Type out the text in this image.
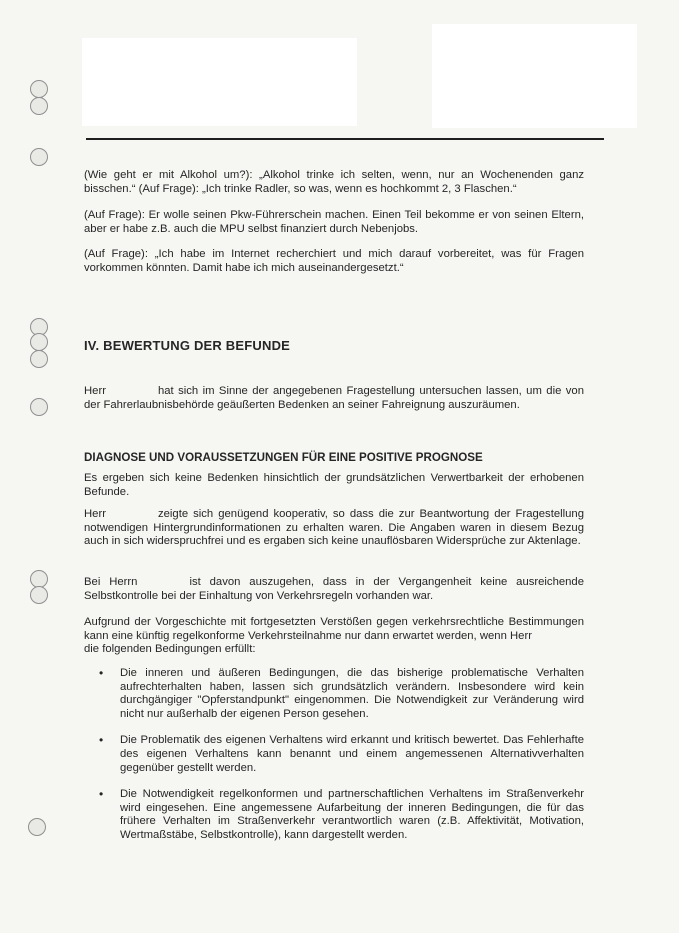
(Wie geht er mit Alkohol um?): „Alkohol trinke ich selten, wenn, nur an Wochenenden ganz bisschen.“ (Auf Frage): „Ich trinke Radler, so was, wenn es hochkommt 2, 3 Flaschen.“

(Auf Frage): Er wolle seinen Pkw-Führerschein machen. Einen Teil bekomme er von seinen Eltern, aber er habe z.B. auch die MPU selbst finanziert durch Nebenjobs.

(Auf Frage): „Ich habe im Internet recherchiert und mich darauf vorbereitet, was für Fragen vorkommen könnten. Damit habe ich mich auseinandergesetzt.“

IV. BEWERTUNG DER BEFUNDE

Herr	hat sich im Sinne der angegebenen Fragestellung untersuchen lassen, um die von der Fahrerlaubnisbehörde geäußerten Bedenken an seiner Fahreignung auszuräumen.

DIAGNOSE UND VORAUSSETZUNGEN FÜR EINE POSITIVE PROGNOSE

Es ergeben sich keine Bedenken hinsichtlich der grundsätzlichen Verwertbarkeit der erhobenen Befunde.

Herr	zeigte sich genügend kooperativ, so dass die zur Beantwortung der Fragestellung notwendigen Hintergrundinformationen zu erhalten waren. Die Angaben waren in diesem Bezug auch in sich widerspruchfrei und es ergaben sich keine unauflösbaren Widersprüche zur Aktenlage.

Bei Herrn	ist davon auszugehen, dass in der Vergangenheit keine ausreichende Selbstkontrolle bei der Einhaltung von Verkehrsregeln vorhanden war.

Aufgrund der Vorgeschichte mit fortgesetzten Verstößen gegen verkehrsrechtliche Bestimmungen kann eine künftig regelkonforme Verkehrsteilnahme nur dann erwartet werden, wenn Herrdie folgenden Bedingungen erfüllt:

• Die inneren und äußeren Bedingungen, die das bisherige problematische Verhalten aufrechterhalten haben, lassen sich grundsätzlich verändern. Insbesondere wird kein durchgängiger "Opferstandpunkt" eingenommen. Die Notwendigkeit zur Veränderung wird nicht nur außerhalb der eigenen Person gesehen.
• Die Problematik des eigenen Verhaltens wird erkannt und kritisch bewertet. Das Fehlerhafte des eigenen Verhaltens kann benannt und einem angemessenen Alternativverhalten gegenüber gestellt werden.
• Die Notwendigkeit regelkonformen und partnerschaftlichen Verhaltens im Straßenverkehr wird eingesehen. Eine angemessene Aufarbeitung der inneren Bedingungen, die für das frühere Verhalten im Straßenverkehr verantwortlich waren (z.B. Affektivität, Motivation, Wertmaßstäbe, Selbstkontrolle), kann dargestellt werden.
